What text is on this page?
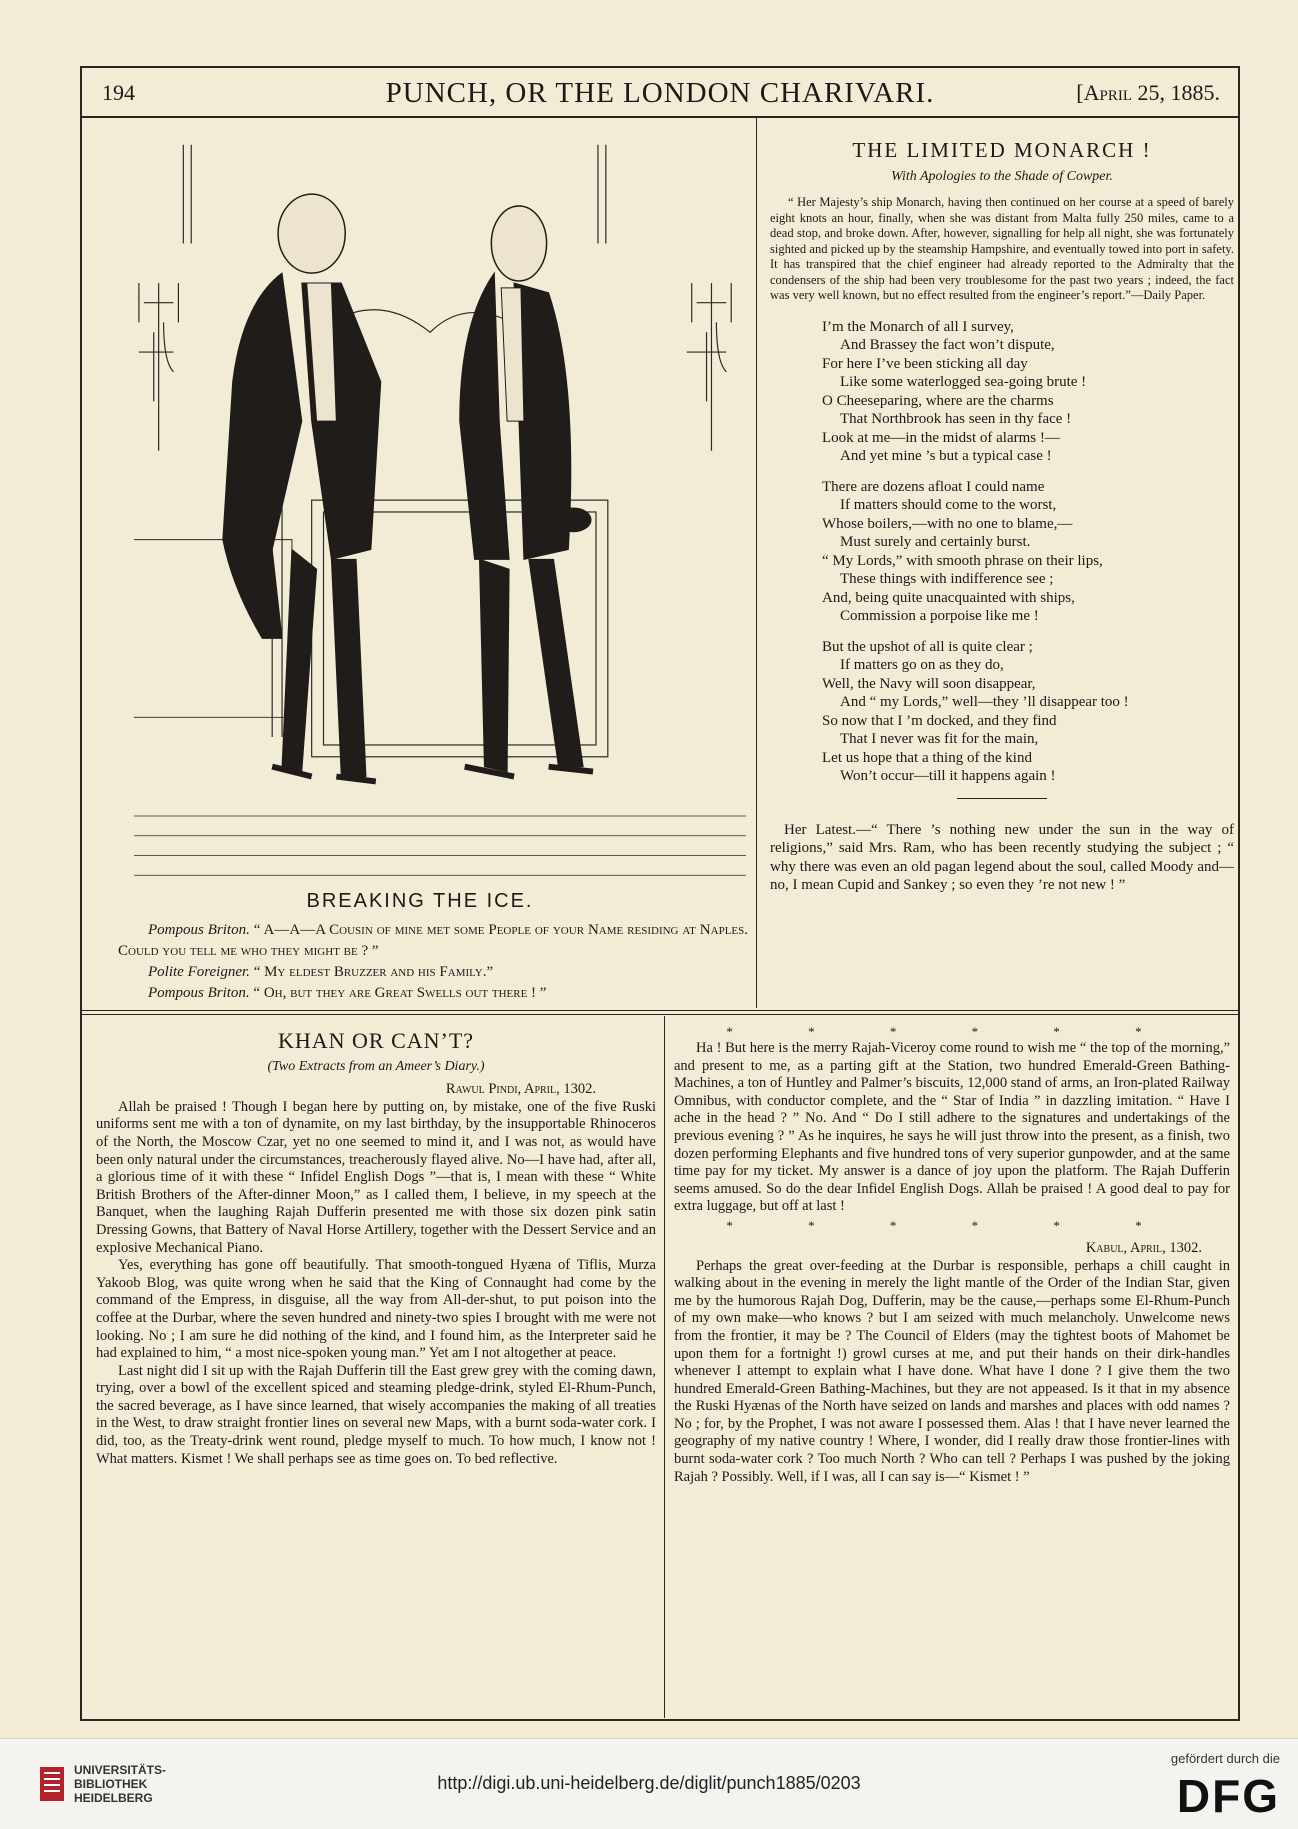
194	PUNCH, OR THE LONDON CHARIVARI.	[April 25, 1885.
BREAKING THE ICE.

Pompous Briton. “ A—A—A Cousin of mine met some People of your Name residing at Naples. Could you tell me who they might be ? ”

Polite Foreigner. “ My eldest Bruzzer and his Family.”

Pompous Briton. “ Oh, but they are Great Swells out there ! ”

THE LIMITED MONARCH !
With Apologies to the Shade of Cowper.

“ Her Majesty’s ship Monarch, having then continued on her course at a speed of barely eight knots an hour, finally, when she was distant from Malta fully 250 miles, came to a dead stop, and broke down. After, however, signalling for help all night, she was fortunately sighted and picked up by the steamship Hampshire, and eventually towed into port in safety. It has transpired that the chief engineer had already reported to the Admiralty that the condensers of the ship had been very troublesome for the past two years ; indeed, the fact was very well known, but no effect resulted from the engineer’s report.”—Daily Paper.

I’m the Monarch of all I survey,
And Brassey the fact won’t dispute,
For here I’ve been sticking all day
Like some waterlogged sea-going brute !
O Cheeseparing, where are the charms
That Northbrook has seen in thy face !
Look at me—in the midst of alarms !—
And yet mine ’s but a typical case !
There are dozens afloat I could name
If matters should come to the worst,
Whose boilers,—with no one to blame,—
Must surely and certainly burst.
“ My Lords,” with smooth phrase on their lips,
These things with indifference see ;
And, being quite unacquainted with ships,
Commission a porpoise like me !
But the upshot of all is quite clear ;
If matters go on as they do,
Well, the Navy will soon disappear,
And “ my Lords,” well—they ’ll disappear too !
So now that I ’m docked, and they find
That I never was fit for the main,
Let us hope that a thing of the kind
Won’t occur—till it happens again !

Her Latest.—“ There ’s nothing new under the sun in the way of religions,” said Mrs. Ram, who has been recently studying the subject ; “ why there was even an old pagan legend about the soul, called Moody and—no, I mean Cupid and Sankey ; so even they ’re not new ! ”

KHAN OR CAN’T?
(Two Extracts from an Ameer’s Diary.)
Rawul Pindi, April, 1302.

Allah be praised ! Though I began here by putting on, by mistake, one of the five Ruski uniforms sent me with a ton of dynamite, on my last birthday, by the insupportable Rhinoceros of the North, the Moscow Czar, yet no one seemed to mind it, and I was not, as would have been only natural under the circumstances, treacherously flayed alive. No—I have had, after all, a glorious time of it with these “ Infidel English Dogs ”—that is, I mean with these “ White British Brothers of the After-dinner Moon,” as I called them, I believe, in my speech at the Banquet, when the laughing Rajah Dufferin presented me with those six dozen pink satin Dressing Gowns, that Battery of Naval Horse Artillery, together with the Dessert Service and an explosive Mechanical Piano.

Yes, everything has gone off beautifully. That smooth-tongued Hyæna of Tiflis, Murza Yakoob Blog, was quite wrong when he said that the King of Connaught had come by the command of the Empress, in disguise, all the way from All-der-shut, to put poison into the coffee at the Durbar, where the seven hundred and ninety-two spies I brought with me were not looking. No ; I am sure he did nothing of the kind, and I found him, as the Interpreter said he had explained to him, “ a most nice-spoken young man.” Yet am I not altogether at peace.

Last night did I sit up with the Rajah Dufferin till the East grew grey with the coming dawn, trying, over a bowl of the excellent spiced and steaming pledge-drink, styled El-Rhum-Punch, the sacred beverage, as I have since learned, that wisely accompanies the making of all treaties in the West, to draw straight frontier lines on several new Maps, with a burnt soda-water cork. I did, too, as the Treaty-drink went round, pledge myself to much. To how much, I know not ! What matters. Kismet ! We shall perhaps see as time goes on. To bed reflective.

* * * * * *

Ha ! But here is the merry Rajah-Viceroy come round to wish me “ the top of the morning,” and present to me, as a parting gift at the Station, two hundred Emerald-Green Bathing-Machines, a ton of Huntley and Palmer’s biscuits, 12,000 stand of arms, an Iron-plated Railway Omnibus, with conductor complete, and the “ Star of India ” in dazzling imitation. “ Have I ache in the head ? ” No. And “ Do I still adhere to the signatures and undertakings of the previous evening ? ” As he inquires, he says he will just throw into the present, as a finish, two dozen performing Elephants and five hundred tons of very superior gunpowder, and at the same time pay for my ticket. My answer is a dance of joy upon the platform. The Rajah Dufferin seems amused. So do the dear Infidel English Dogs. Allah be praised ! A good deal to pay for extra luggage, but off at last !

* * * * * *
Kabul, April, 1302.

Perhaps the great over-feeding at the Durbar is responsible, perhaps a chill caught in walking about in the evening in merely the light mantle of the Order of the Indian Star, given me by the humorous Rajah Dog, Dufferin, may be the cause,—perhaps some El-Rhum-Punch of my own make—who knows ? but I am seized with much melancholy. Unwelcome news from the frontier, it may be ? The Council of Elders (may the tightest boots of Mahomet be upon them for a fortnight !) growl curses at me, and put their hands on their dirk-handles whenever I attempt to explain what I have done. What have I done ? I give them the two hundred Emerald-Green Bathing-Machines, but they are not appeased. Is it that in my absence the Ruski Hyænas of the North have seized on lands and marshes and places with odd names ? No ; for, by the Prophet, I was not aware I possessed them. Alas ! that I have never learned the geography of my native country ! Where, I wonder, did I really draw those frontier-lines with burnt soda-water cork ? Too much North ? Who can tell ? Perhaps I was pushed by the joking Rajah ? Possibly. Well, if I was, all I can say is—“ Kismet ! ”

UNIVERSITÄTS-
BIBLIOTHEK
HEIDELBERG
http://digi.ub.uni-heidelberg.de/diglit/punch1885/0203
gefördert durch die
DFG
